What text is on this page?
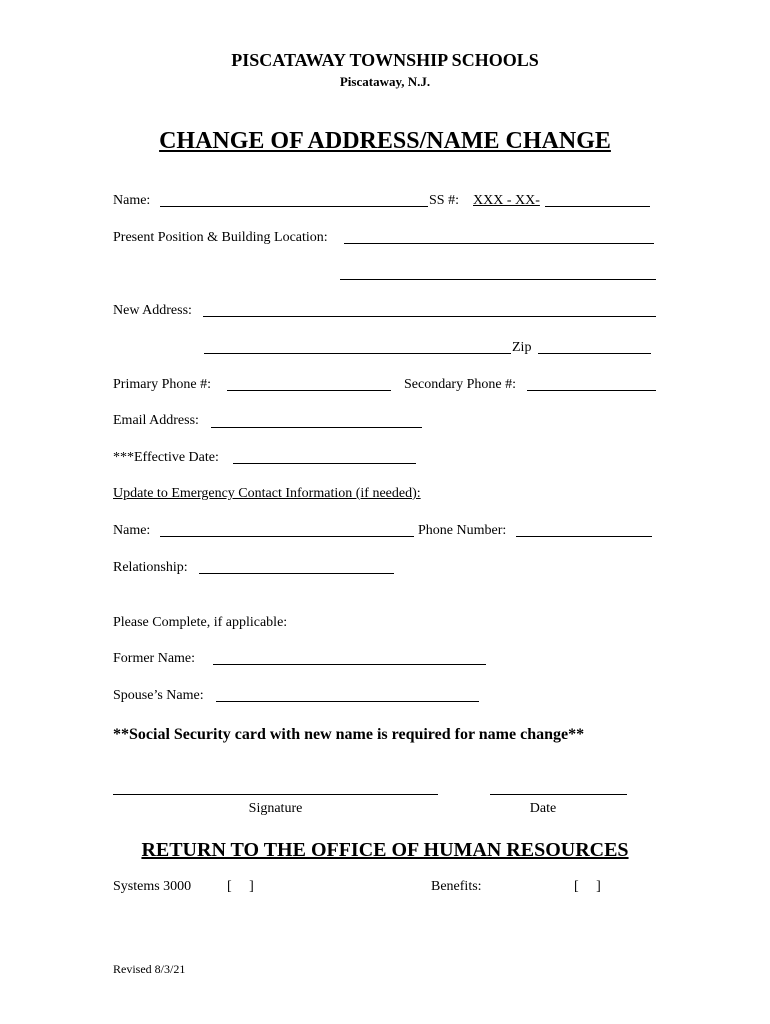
PISCATAWAY TOWNSHIP SCHOOLS
Piscataway, N.J.
CHANGE OF ADDRESS/NAME CHANGE
Name:	SS #: XXX - XX-
Present Position & Building Location:
New Address:
Zip
Primary Phone #:	Secondary Phone #:
Email Address:
***Effective Date:
Update to Emergency Contact Information (if needed):
Name:	Phone Number:
Relationship:
Please Complete, if applicable:
Former Name:
Spouse’s Name:
**Social Security card with new name is required for name change**
Signature	Date
RETURN TO THE OFFICE OF HUMAN RESOURCES
Systems 3000	[ ]	Benefits:	[ ]
Revised 8/3/21
